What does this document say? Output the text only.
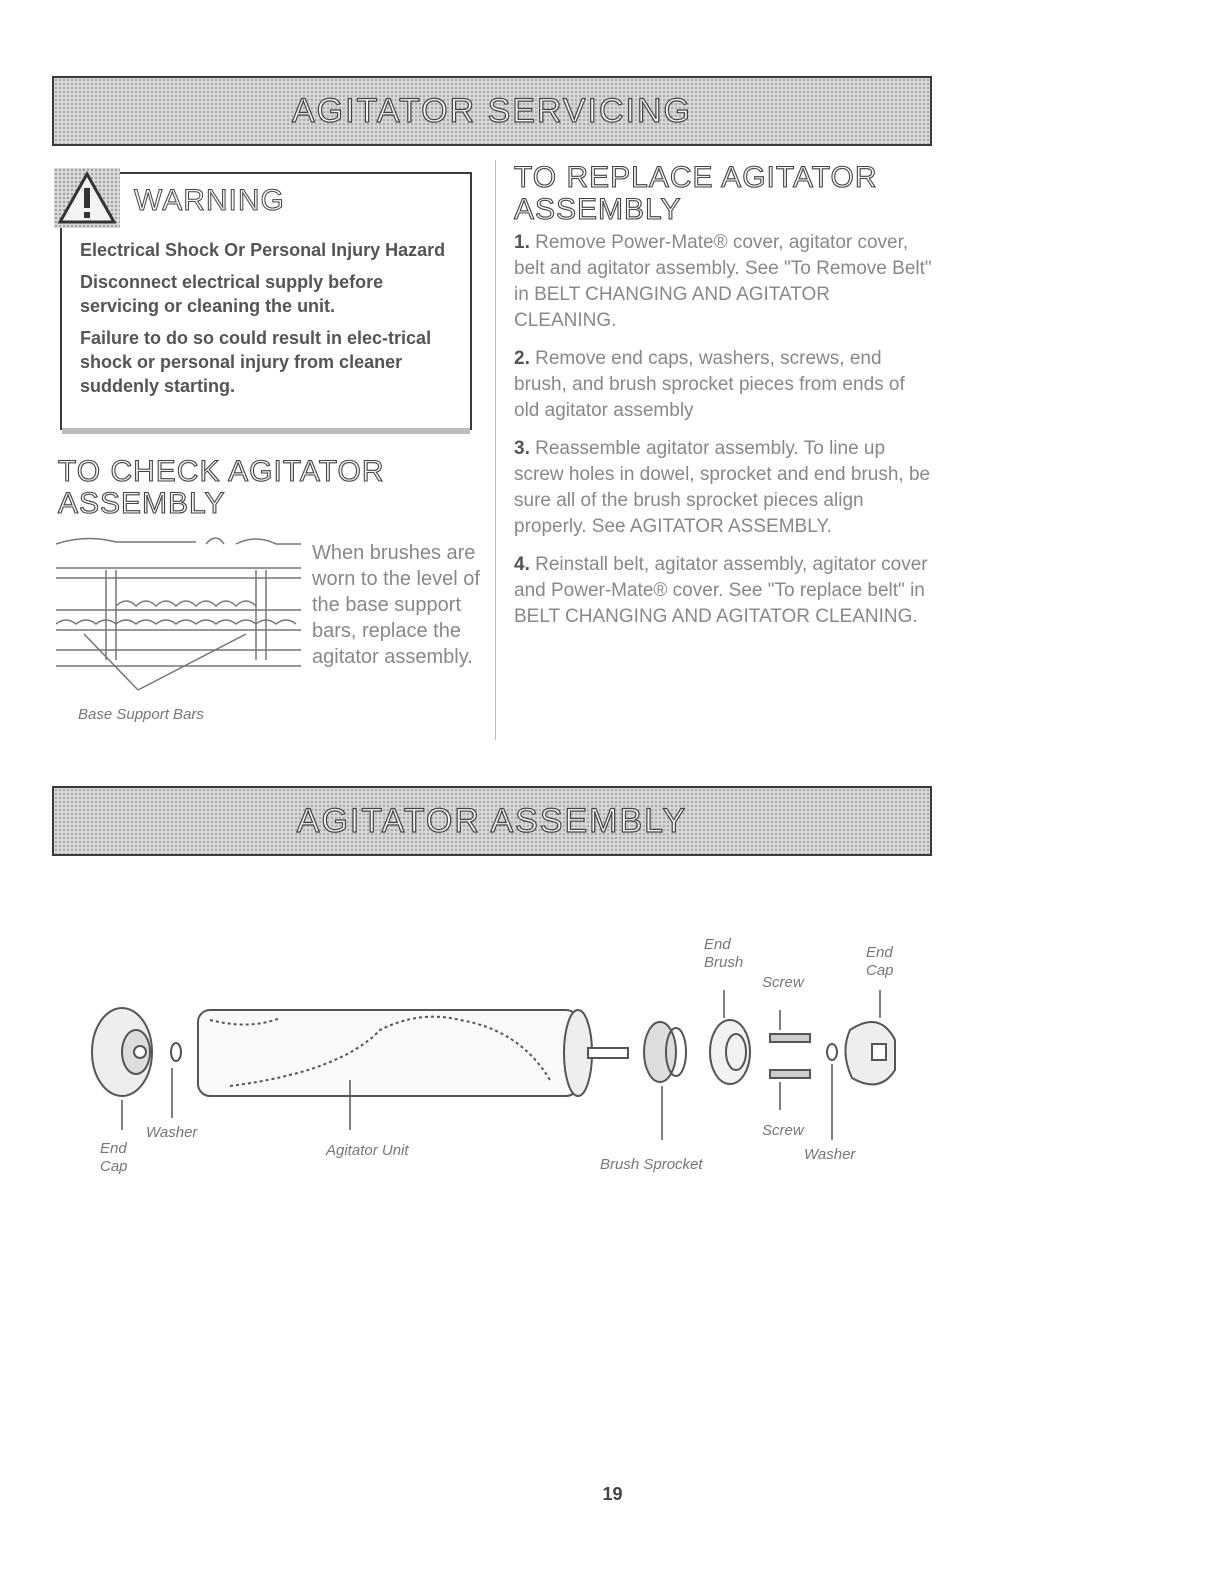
AGITATOR SERVICING
WARNING

Electrical Shock Or Personal Injury Hazard

Disconnect electrical supply before servicing or cleaning the unit.

Failure to do so could result in elec-trical shock or personal injury from cleaner suddenly starting.

TO CHECK AGITATOR ASSEMBLY
Base Support Bars
When brushes are worn to the level of the base support bars, replace the agitator assembly.
TO REPLACE AGITATOR ASSEMBLY

1. Remove Power-Mate® cover, agitator cover, belt and agitator assembly. See "To Remove Belt" in BELT CHANGING AND AGITATOR CLEANING.

2. Remove end caps, washers, screws, end brush, and brush sprocket pieces from ends of old agitator assembly

3. Reassemble agitator assembly. To line up screw holes in dowel, sprocket and end brush, be sure all of the brush sprocket pieces align properly. See AGITATOR ASSEMBLY.

4. Reinstall belt, agitator assembly, agitator cover and Power-Mate® cover. See "To replace belt" in BELT CHANGING AND AGITATOR CLEANING.

AGITATOR ASSEMBLY
End Cap
Washer
Agitator Unit
End Brush
Brush Sprocket
Screw
Screw
End Cap
Washer
19
